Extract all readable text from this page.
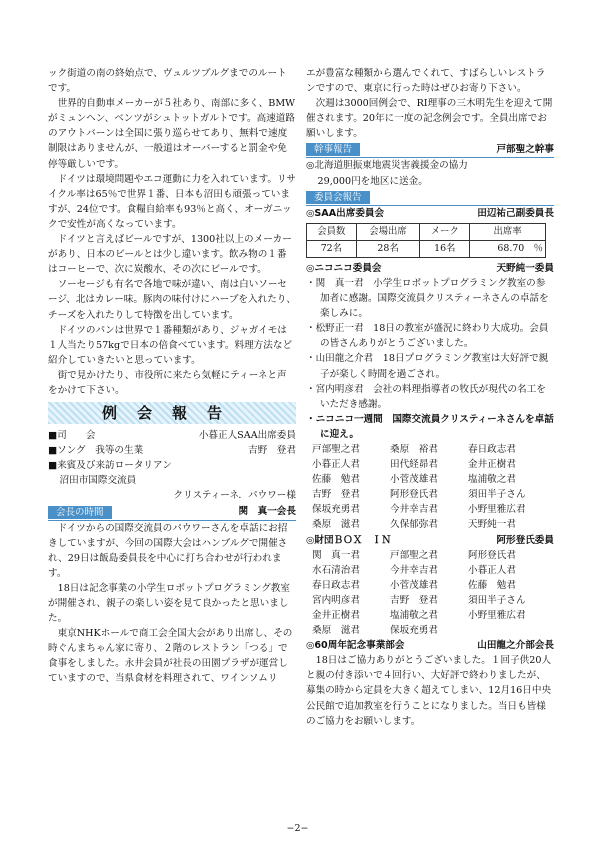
ック街道の南の終始点で、ヴュルツブルグまでのルートです。

世界的自動車メーカーが５社あり、南部に多く、BMWがミュンヘン、ベンツがシュトットガルトです。高速道路のアウトバーンは全国に張り巡らせてあり、無料で速度制限はありませんが、一般道はオーバーすると罰金や免停等厳しいです。

ドイツは環境問題やエコ運動に力を入れています。リサイクル率は65％で世界１番、日本も沼田も頑張っていますが、24位です。食糧自給率も93％と高く、オーガニックで安性が高くなっています。

ドイツと言えばビールですが、1300社以上のメーカーがあり、日本のビールとは少し違います。飲み物の１番はコーヒーで、次に炭酸水、その次にビールです。

ソーセージも有名で各地で味が違い、南は白いソーセージ、北はカレー味。豚肉の味付けにハーブを入れたり、チーズを入れたりして特徴を出しています。

ドイツのパンは世界で１番種類があり、ジャガイモは１人当たり57kgで日本の倍食べています。料理方法など紹介していきたいと思っています。

街で見かけたり、市役所に来たら気軽にティーネと声をかけて下さい。

例会報告
■司　　会	小暮正人SAA出席委員
■ソング　我等の生業	吉野　登君

■来賓及び来訪ロータリアン

沼田市国際交流員

クリスティーネ．パウワー様

会長の時間	関　真一会長

ドイツからの国際交流員のパウワーさんを卓話にお招きしていますが、今回の国際大会はハンブルグで開催され、29日は飯島委員長を中心に打ち合わせが行われます。

18日は記念事業の小学生ロボットプログラミング教室が開催され、親子の楽しい姿を見て良かったと思いました。

東京NHKホールで商工会全国大会があり出席し、その時ぐんまちゃん家に寄り、２階のレストラン「つる」で食事をしました。永井会員が社長の田園プラザが運営していますので、当県食材を料理されて、ワインソムリ

エが豊富な種類から選んでくれて、すばらしいレストランですので、東京に行った時はぜひお寄り下さい。

次週は3000回例会で、RI理事の三木明先生を迎えて開催されます。20年に一度の記念例会です。全員出席でお願いします。

幹事報告	戸部聖之幹事

◎北海道胆振東地震災害義援金の協力

29,000円を地区に送金。

委員会報告
◎SAA出席委員会	田辺祐己副委員長
会員数	会場出席	メーク	出席率
72名	28名	16名	68.70　％
◎ニコニコ委員会	天野純一委員

・関　真一君　小学生ロボットプログラミング教室の参加者に感謝。国際交流員クリスティーネさんの卓話を楽しみに。

・松野正一君　18日の教室が盛況に終わり大成功。会員の皆さんありがとうございました。

・山田龍之介君　18日プログラミング教室は大好評で親子が楽しく時間を過ごされ。

・宮内明彦君　会社の料理指導者の牧氏が現代の名工をいただき感謝。

・ニコニコ一週間　国際交流員クリスティーネさんを卓話に迎え。

戸部聖之君	桑原　裕君	春日政志君
小暮正人君	田代経昴君	金井正樹君
佐藤　勉君	小菅茂雄君	塩浦敬之君
吉野　登君	阿形登氏君	須田半子さん
保坂充勇君	今井幸吉君	小野里雅広君
桑原　滋君	久保郁弥君	天野純一君
◎財団ＢＯＸ　ＩＮ	阿形登氏委員
関　真一君	戸部聖之君	阿形登氏君
水石清治君	今井幸吉君	小暮正人君
春日政志君	小菅茂雄君	佐藤　勉君
宮内明彦君	吉野　登君	須田半子さん
金井正樹君	塩浦敬之君	小野里雅広君
桑原　滋君	保坂充勇君
◎60周年記念事業部会	山田龍之介部会長

18日はご協力ありがとうございました。１回子供20人と親の付き添いで４回行い、大好評で終わりましたが、募集の時から定員を大きく超えてしまい、12月16日中央公民館で追加教室を行うことになりました。当日も皆様のご協力をお願いします。

−2−
